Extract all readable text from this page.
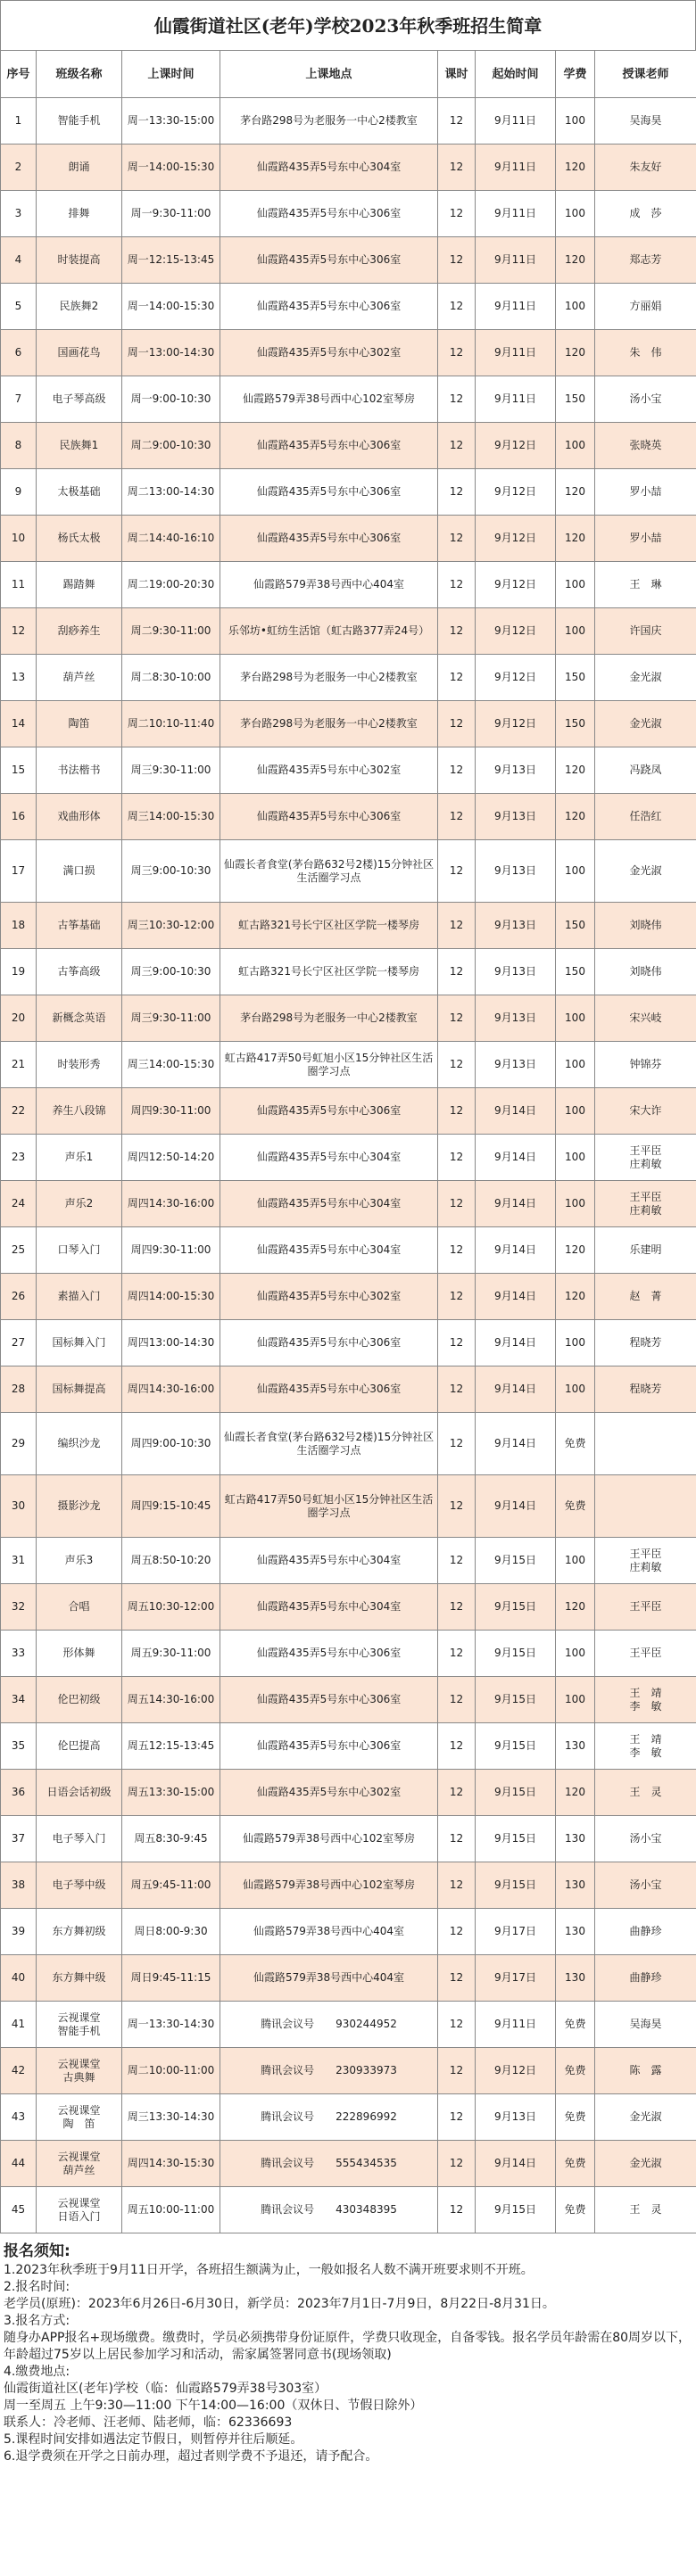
仙霞街道社区(老年)学校2023年秋季班招生简章
序号	班级名称	上课时间	上课地点	课时	起始时间	学费	授课老师
1	智能手机	周一13:30-15:00	茅台路298号为老服务一中心2楼教室	12	9月11日	100	吴海昊
2	朗诵	周一14:00-15:30	仙霞路435弄5号东中心304室	12	9月11日	120	朱友好
3	排舞	周一9:30-11:00	仙霞路435弄5号东中心306室	12	9月11日	100	成　莎
4	时装提高	周一12:15-13:45	仙霞路435弄5号东中心306室	12	9月11日	120	郑志芳
5	民族舞2	周一14:00-15:30	仙霞路435弄5号东中心306室	12	9月11日	100	方丽娟
6	国画花鸟	周一13:00-14:30	仙霞路435弄5号东中心302室	12	9月11日	120	朱　伟
7	电子琴高级	周一9:00-10:30	仙霞路579弄38号西中心102室琴房	12	9月11日	150	汤小宝
8	民族舞1	周二9:00-10:30	仙霞路435弄5号东中心306室	12	9月12日	100	张晓英
9	太极基础	周二13:00-14:30	仙霞路435弄5号东中心306室	12	9月12日	120	罗小喆
10	杨氏太极	周二14:40-16:10	仙霞路435弄5号东中心306室	12	9月12日	120	罗小喆
11	踢踏舞	周二19:00-20:30	仙霞路579弄38号西中心404室	12	9月12日	100	王　琳
12	刮痧养生	周二9:30-11:00	乐邻坊•虹纺生活馆（虹古路377弄24号）	12	9月12日	100	许国庆
13	葫芦丝	周二8:30-10:00	茅台路298号为老服务一中心2楼教室	12	9月12日	150	金光淑
14	陶笛	周二10:10-11:40	茅台路298号为老服务一中心2楼教室	12	9月12日	150	金光淑
15	书法楷书	周三9:30-11:00	仙霞路435弄5号东中心302室	12	9月13日	120	冯跷凤
16	戏曲形体	周三14:00-15:30	仙霞路435弄5号东中心306室	12	9月13日	120	任浩红
17	满口损	周三9:00-10:30	仙霞长者食堂(茅台路632号2楼)15分钟社区生活圈学习点	12	9月13日	100	金光淑
18	古筝基础	周三10:30-12:00	虹古路321号长宁区社区学院一楼琴房	12	9月13日	150	刘晓伟
19	古筝高级	周三9:00-10:30	虹古路321号长宁区社区学院一楼琴房	12	9月13日	150	刘晓伟
20	新概念英语	周三9:30-11:00	茅台路298号为老服务一中心2楼教室	12	9月13日	100	宋兴岐
21	时装形秀	周三14:00-15:30	虹古路417弄50号虹旭小区15分钟社区生活圈学习点	12	9月13日	100	钟锦芬
22	养生八段锦	周四9:30-11:00	仙霞路435弄5号东中心306室	12	9月14日	100	宋大诈
23	声乐1	周四12:50-14:20	仙霞路435弄5号东中心304室	12	9月14日	100	王平臣
庄莉敏
24	声乐2	周四14:30-16:00	仙霞路435弄5号东中心304室	12	9月14日	100	王平臣
庄莉敏
25	口琴入门	周四9:30-11:00	仙霞路435弄5号东中心304室	12	9月14日	120	乐建明
26	素描入门	周四14:00-15:30	仙霞路435弄5号东中心302室	12	9月14日	120	赵　菁
27	国标舞入门	周四13:00-14:30	仙霞路435弄5号东中心306室	12	9月14日	100	程晓芳
28	国标舞提高	周四14:30-16:00	仙霞路435弄5号东中心306室	12	9月14日	100	程晓芳
29	编织沙龙	周四9:00-10:30	仙霞长者食堂(茅台路632号2楼)15分钟社区生活圈学习点	12	9月14日	免费	
30	摄影沙龙	周四9:15-10:45	虹古路417弄50号虹旭小区15分钟社区生活圈学习点	12	9月14日	免费	
31	声乐3	周五8:50-10:20	仙霞路435弄5号东中心304室	12	9月15日	100	王平臣
庄莉敏
32	合唱	周五10:30-12:00	仙霞路435弄5号东中心304室	12	9月15日	120	王平臣
33	形体舞	周五9:30-11:00	仙霞路435弄5号东中心306室	12	9月15日	100	王平臣
34	伦巴初级	周五14:30-16:00	仙霞路435弄5号东中心306室	12	9月15日	100	王　靖
李　敏
35	伦巴提高	周五12:15-13:45	仙霞路435弄5号东中心306室	12	9月15日	130	王　靖
李　敏
36	日语会话初级	周五13:30-15:00	仙霞路435弄5号东中心302室	12	9月15日	120	王　灵
37	电子琴入门	周五8:30-9:45	仙霞路579弄38号西中心102室琴房	12	9月15日	130	汤小宝
38	电子琴中级	周五9:45-11:00	仙霞路579弄38号西中心102室琴房	12	9月15日	130	汤小宝
39	东方舞初级	周日8:00-9:30	仙霞路579弄38号西中心404室	12	9月17日	130	曲静珍
40	东方舞中级	周日9:45-11:15	仙霞路579弄38号西中心404室	12	9月17日	130	曲静珍
41	云视课堂
智能手机	周一13:30-14:30	腾讯会议号　　930244952	12	9月11日	免费	吴海昊
42	云视课堂
古典舞	周二10:00-11:00	腾讯会议号　　230933973	12	9月12日	免费	陈　露
43	云视课堂
陶　笛	周三13:30-14:30	腾讯会议号　　222896992	12	9月13日	免费	金光淑
44	云视课堂
葫芦丝	周四14:30-15:30	腾讯会议号　　555434535	12	9月14日	免费	金光淑
45	云视课堂
日语入门	周五10:00-11:00	腾讯会议号　　430348395	12	9月15日	免费	王　灵
报名须知:

1.2023年秋季班于9月11日开学，各班招生额满为止，一般如报名人数不满开班要求则不开班。

2.报名时间:

老学员(原班)：2023年6月26日-6月30日，新学员：2023年7月1日-7月9日，8月22日-8月31日。

3.报名方式:

随身办APP报名+现场缴费。缴费时，学员必须携带身份证原件，学费只收现金，自备零钱。报名学员年龄需在80周岁以下，年龄超过75岁以上居民参加学习和活动，需家属签署同意书(现场领取)

4.缴费地点:

仙霞街道社区(老年)学校（临：仙霞路579弄38号303室）

周一至周五 上午9:30—11:00 下午14:00—16:00（双休日、节假日除外）

联系人：冷老师、汪老师、陆老师，临：62336693

5.课程时间安排如遇法定节假日，则暂停并往后顺延。

6.退学费须在开学之日前办理，超过者则学费不予退还，请予配合。
